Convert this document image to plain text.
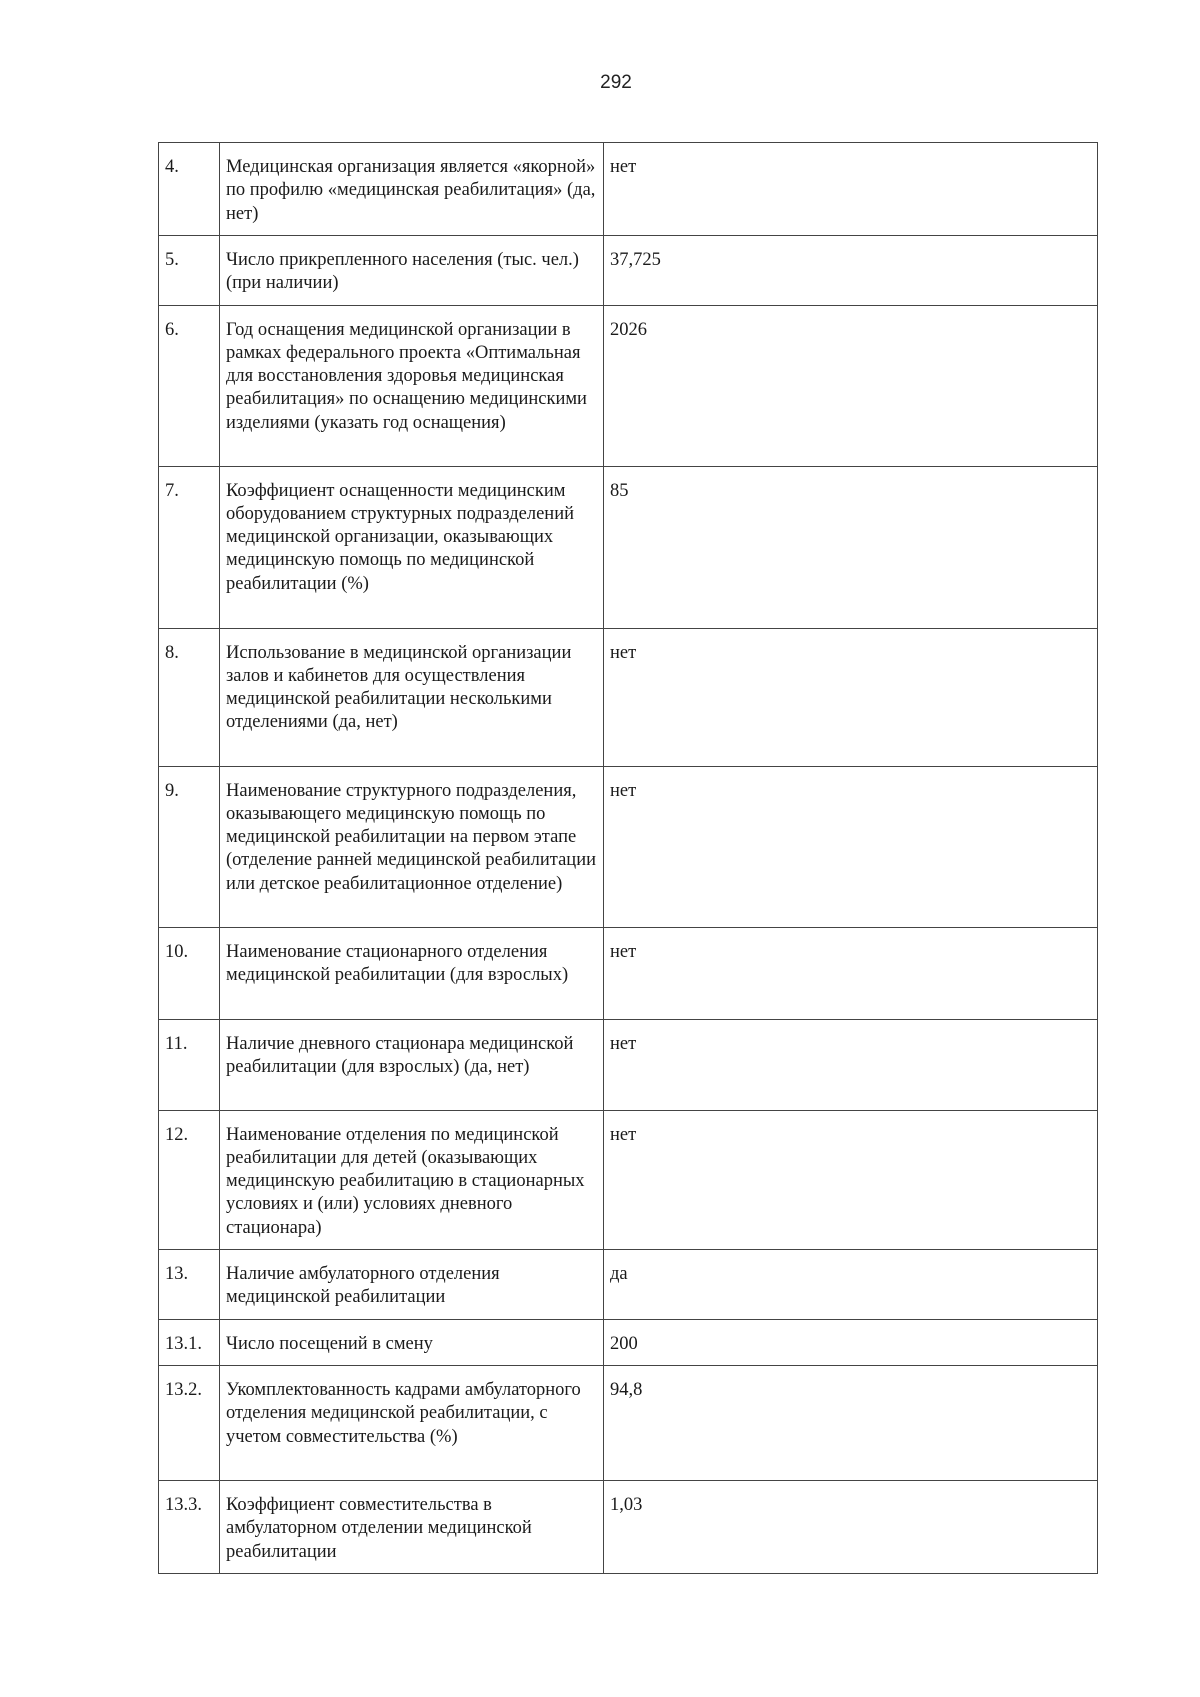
292
4.	Медицинская организация является «якорной» по профилю «медицинская реабилитация» (да, нет)	нет
5.	Число прикрепленного населения (тыс. чел.) (при наличии)	37,725
6.	Год оснащения медицинской организации в рамках федерального проекта «Оптимальная для восстановления здоровья медицинская реабилитация» по оснащению медицинскими изделиями (указать год оснащения)	2026
7.	Коэффициент оснащенности медицинским оборудованием структурных подразделений медицинской организации, оказывающих медицинскую помощь по медицинской реабилитации (%)	85
8.	Использование в медицинской организации залов и кабинетов для осуществления медицинской реабилитации несколькими отделениями (да, нет)	нет
9.	Наименование структурного подразделения, оказывающего медицинскую помощь по медицинской реабилитации на первом этапе (отделение ранней медицинской реабилитации или детское реабилитационное отделение)	нет
10.	Наименование стационарного отделения медицинской реабилитации (для взрослых)	нет
11.	Наличие дневного стационара медицинской реабилитации (для взрослых) (да, нет)	нет
12.	Наименование отделения по медицинской реабилитации для детей (оказывающих медицинскую реабилитацию в стационарных условиях и (или) условиях дневного стационара)	нет
13.	Наличие амбулаторного отделения медицинской реабилитации	да
13.1.	Число посещений в смену	200
13.2.	Укомплектованность кадрами амбулаторного отделения медицинской реабилитации, с учетом совместительства (%)	94,8
13.3.	Коэффициент совместительства в амбулаторном отделении медицинской реабилитации	1,03
